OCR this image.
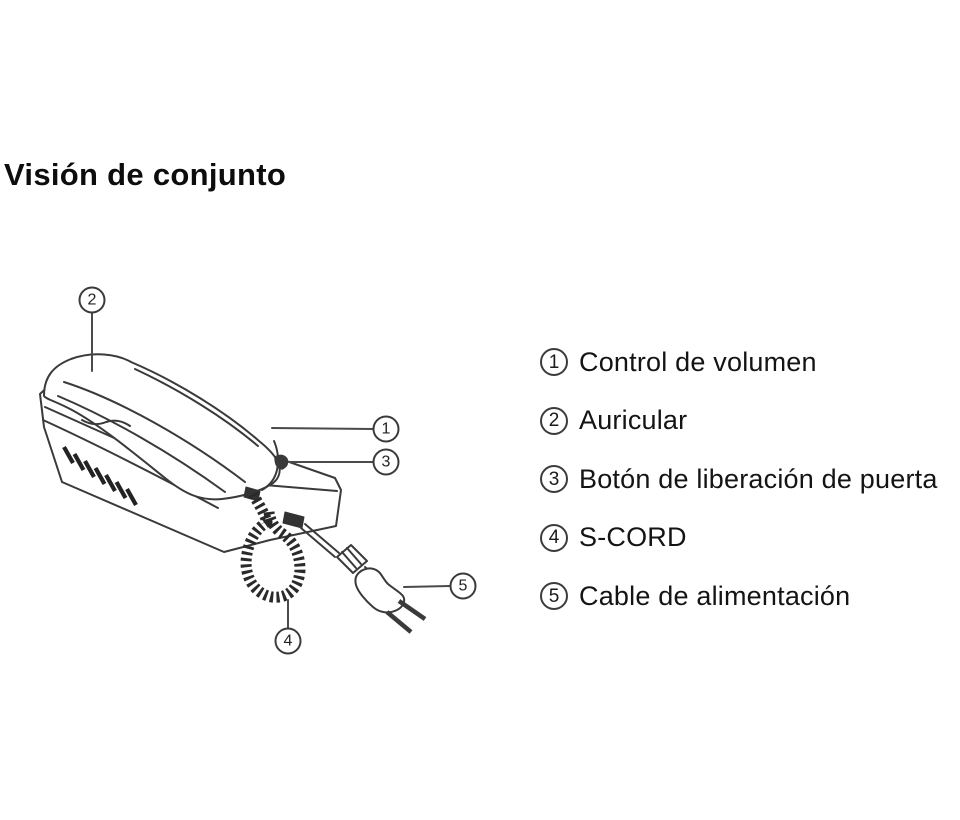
Visión de conjunto
1
2
3
4
5
1 Control de volumen
2 Auricular
3 Botón de liberación de puerta
4 S-CORD
5 Cable de alimentación
